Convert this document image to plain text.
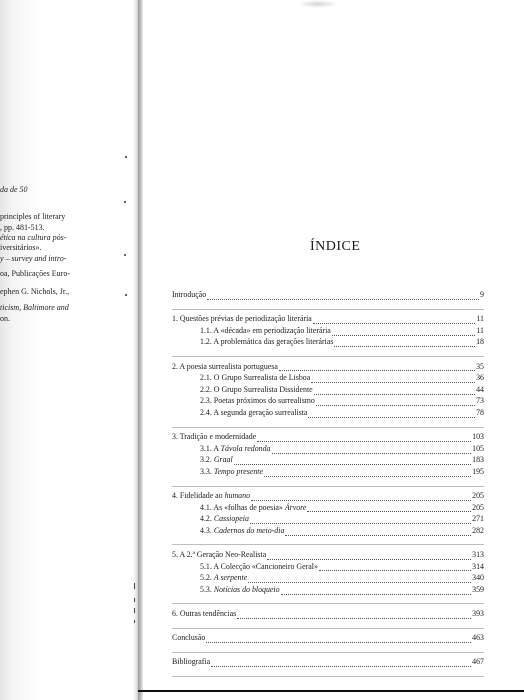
da de 50
principles of literary
, pp. 481-513.
ética na cultura pós-
iversitários».
y – survey and intro-
oa, Publicações Euro-
ephen G. Nichols, Jr.,
ticism, Baltimore and
on.
ÍNDICE
Introdução	9
1. Questões prévias de periodização literária	11
1.1. A «década» em periodização literária	11
1.2. A problemática das gerações literárias	18
2. A poesia surrealista portuguesa	35
2.1. O Grupo Surrealista de Lisboa	36
2.2. O Grupo Surrealista Dissidente	44
2.3. Poetas próximos do surrealismo	73
2.4. A segunda geração surrealista	78
3. Tradição e modernidade	103
3.1. A Távola redonda	105
3.2. Graal	183
3.3. Tempo presente	195
4. Fidelidade ao humano	205
4.1. As «folhas de poesia» Árvore	205
4.2. Cassiopeia	271
4.3. Cadernos do meio-dia	282
5. A 2.ª Geração Neo-Realista	313
5.1. A Colecção «Cancioneiro Geral»	314
5.2. A serpente	340
5.3. Notícias do bloqueio	359
6. Outras tendências	393
Conclusão	463
Bibliografia	467
